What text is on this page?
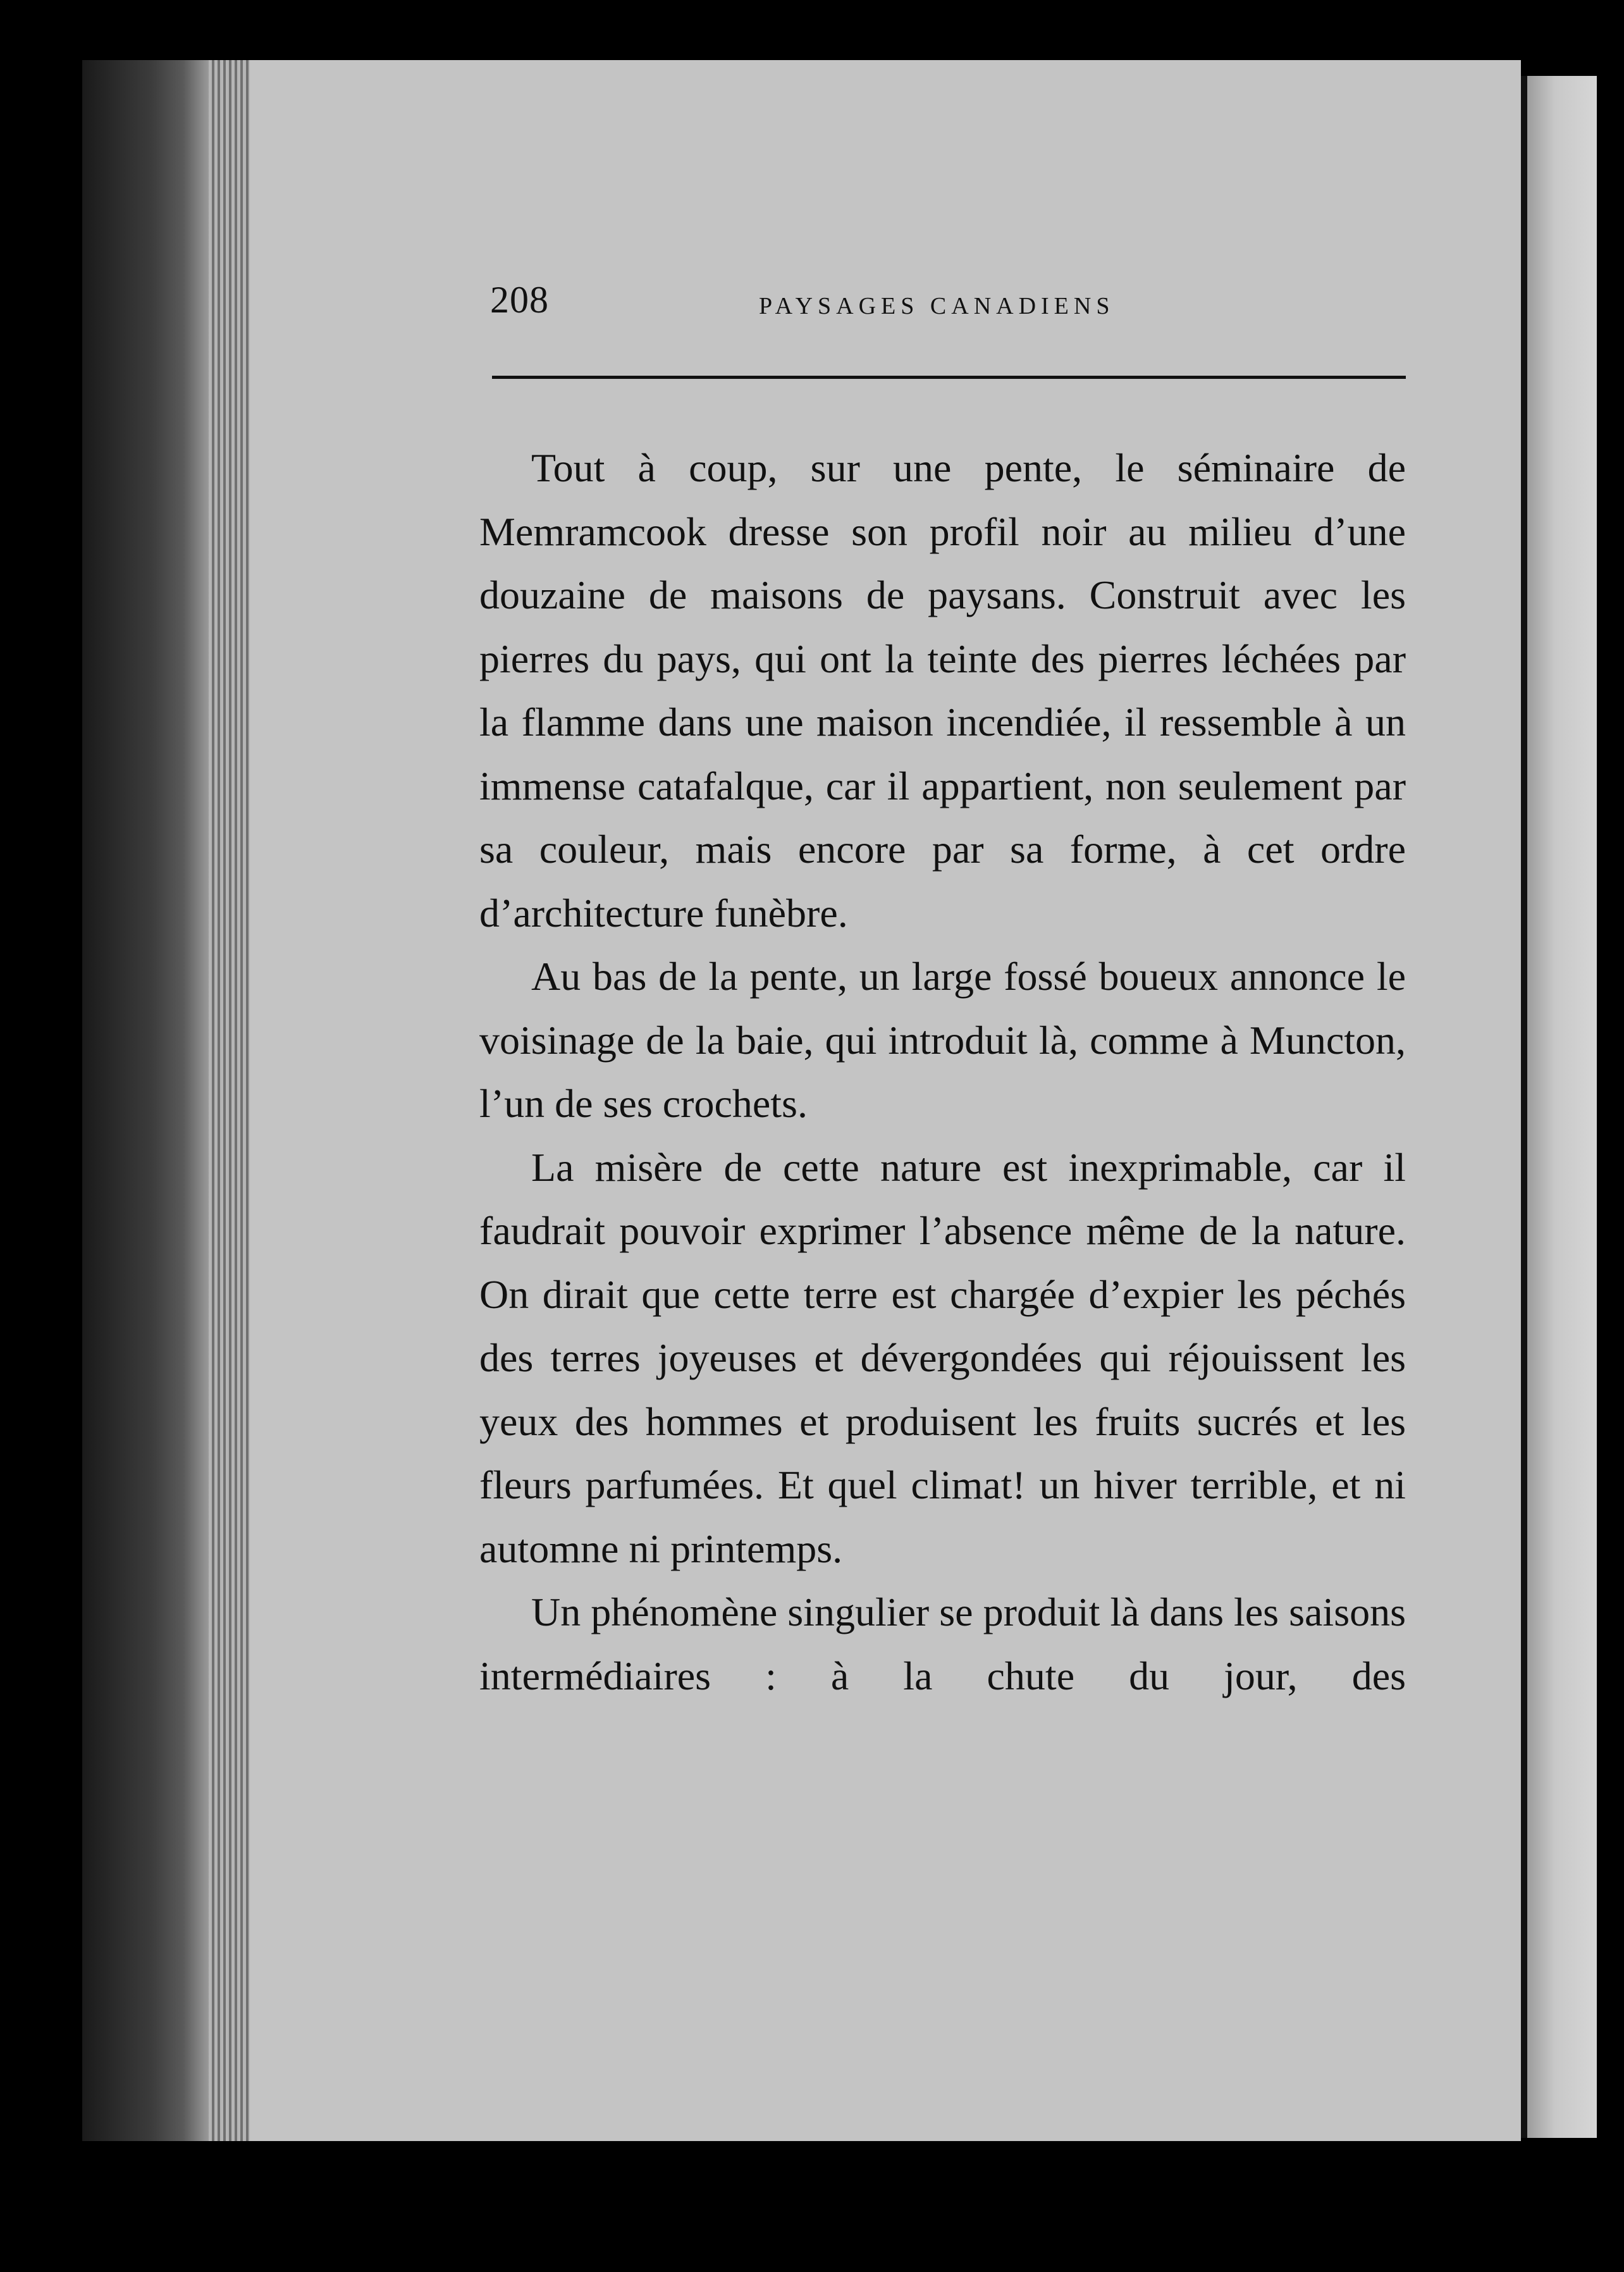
208	PAYSAGES CANADIENS

Tout à coup, sur une pente, le séminaire de Memramcook dresse son profil noir au milieu d’une douzaine de maisons de paysans. Construit avec les pierres du pays, qui ont la teinte des pierres léchées par la flamme dans une maison incendiée, il ressemble à un immense catafalque, car il appartient, non seulement par sa couleur, mais encore par sa forme, à cet ordre d’architecture funèbre.

Au bas de la pente, un large fossé boueux annonce le voisinage de la baie, qui introduit là, comme à Muncton, l’un de ses crochets.

La misère de cette nature est inexprimable, car il faudrait pouvoir exprimer l’absence même de la nature. On dirait que cette terre est chargée d’expier les péchés des terres joyeuses et dévergondées qui réjouissent les yeux des hommes et produisent les fruits sucrés et les fleurs parfumées. Et quel climat! un hiver terrible, et ni automne ni printemps.

Un phénomène singulier se produit là dans les saisons intermédiaires : à la chute du jour, des
